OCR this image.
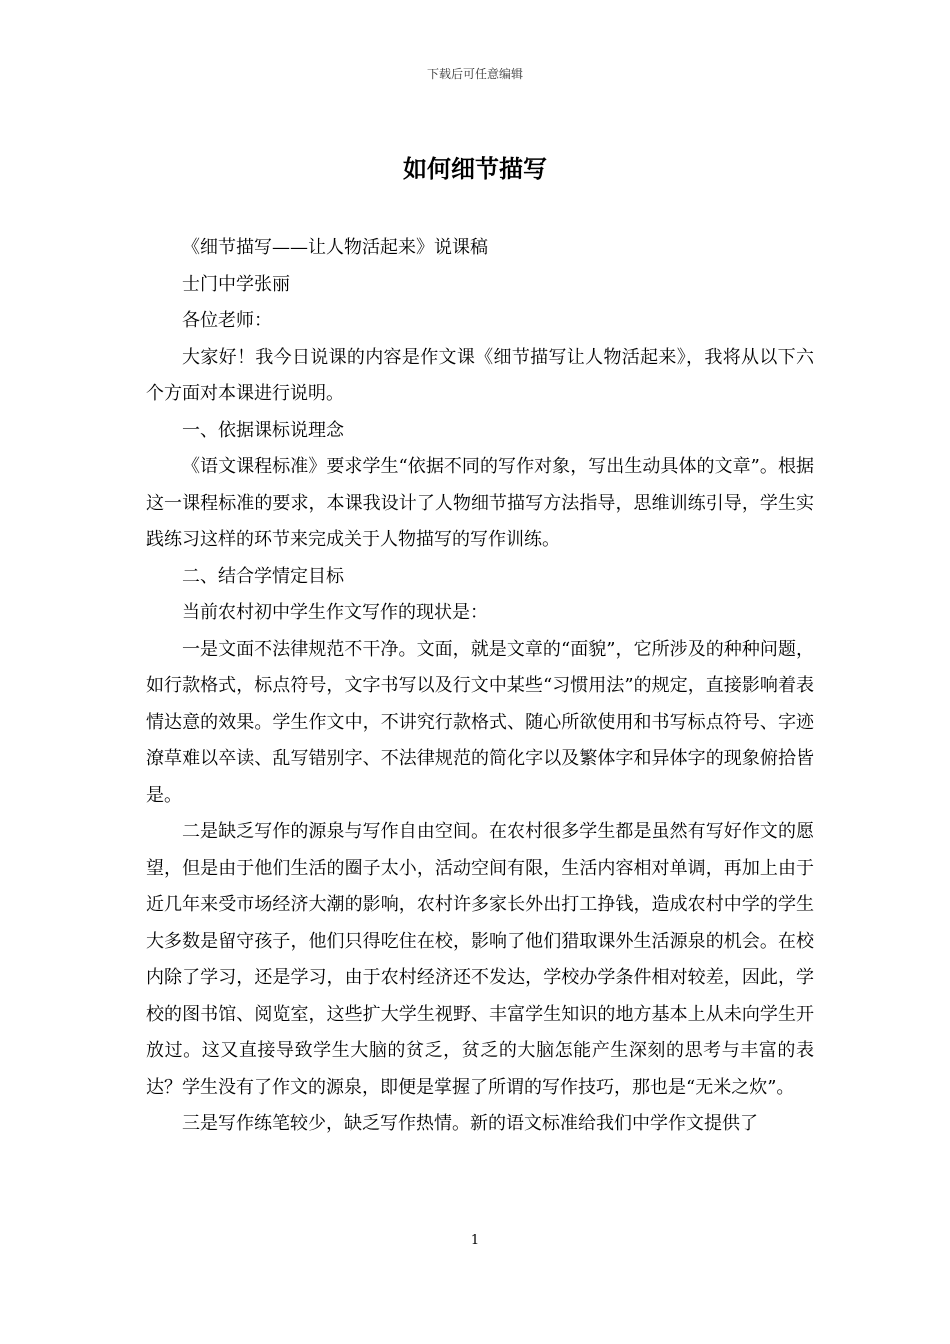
下载后可任意编辑
如何细节描写

《细节描写——让人物活起来》说课稿

士门中学张丽

各位老师：

大家好！我今日说课的内容是作文课《细节描写让人物活起来》，我将从以下六个方面对本课进行说明。

一、依据课标说理念

《语文课程标准》要求学生“依据不同的写作对象，写出生动具体的文章”。根据这一课程标准的要求，本课我设计了人物细节描写方法指导，思维训练引导，学生实践练习这样的环节来完成关于人物描写的写作训练。

二、结合学情定目标

当前农村初中学生作文写作的现状是：

一是文面不法律规范不干净。文面，就是文章的“面貌”，它所涉及的种种问题，如行款格式，标点符号，文字书写以及行文中某些“习惯用法”的规定，直接影响着表情达意的效果。学生作文中，不讲究行款格式、随心所欲使用和书写标点符号、字迹潦草难以卒读、乱写错别字、不法律规范的简化字以及繁体字和异体字的现象俯拾皆是。

二是缺乏写作的源泉与写作自由空间。在农村很多学生都是虽然有写好作文的愿望，但是由于他们生活的圈子太小，活动空间有限，生活内容相对单调，再加上由于近几年来受市场经济大潮的影响，农村许多家长外出打工挣钱，造成农村中学的学生大多数是留守孩子，他们只得吃住在校，影响了他们猎取课外生活源泉的机会。在校内除了学习，还是学习，由于农村经济还不发达，学校办学条件相对较差，因此，学校的图书馆、阅览室，这些扩大学生视野、丰富学生知识的地方基本上从未向学生开放过。这又直接导致学生大脑的贫乏，贫乏的大脑怎能产生深刻的思考与丰富的表达？学生没有了作文的源泉，即便是掌握了所谓的写作技巧，那也是“无米之炊”。

三是写作练笔较少，缺乏写作热情。新的语文标准给我们中学作文提供了

1
